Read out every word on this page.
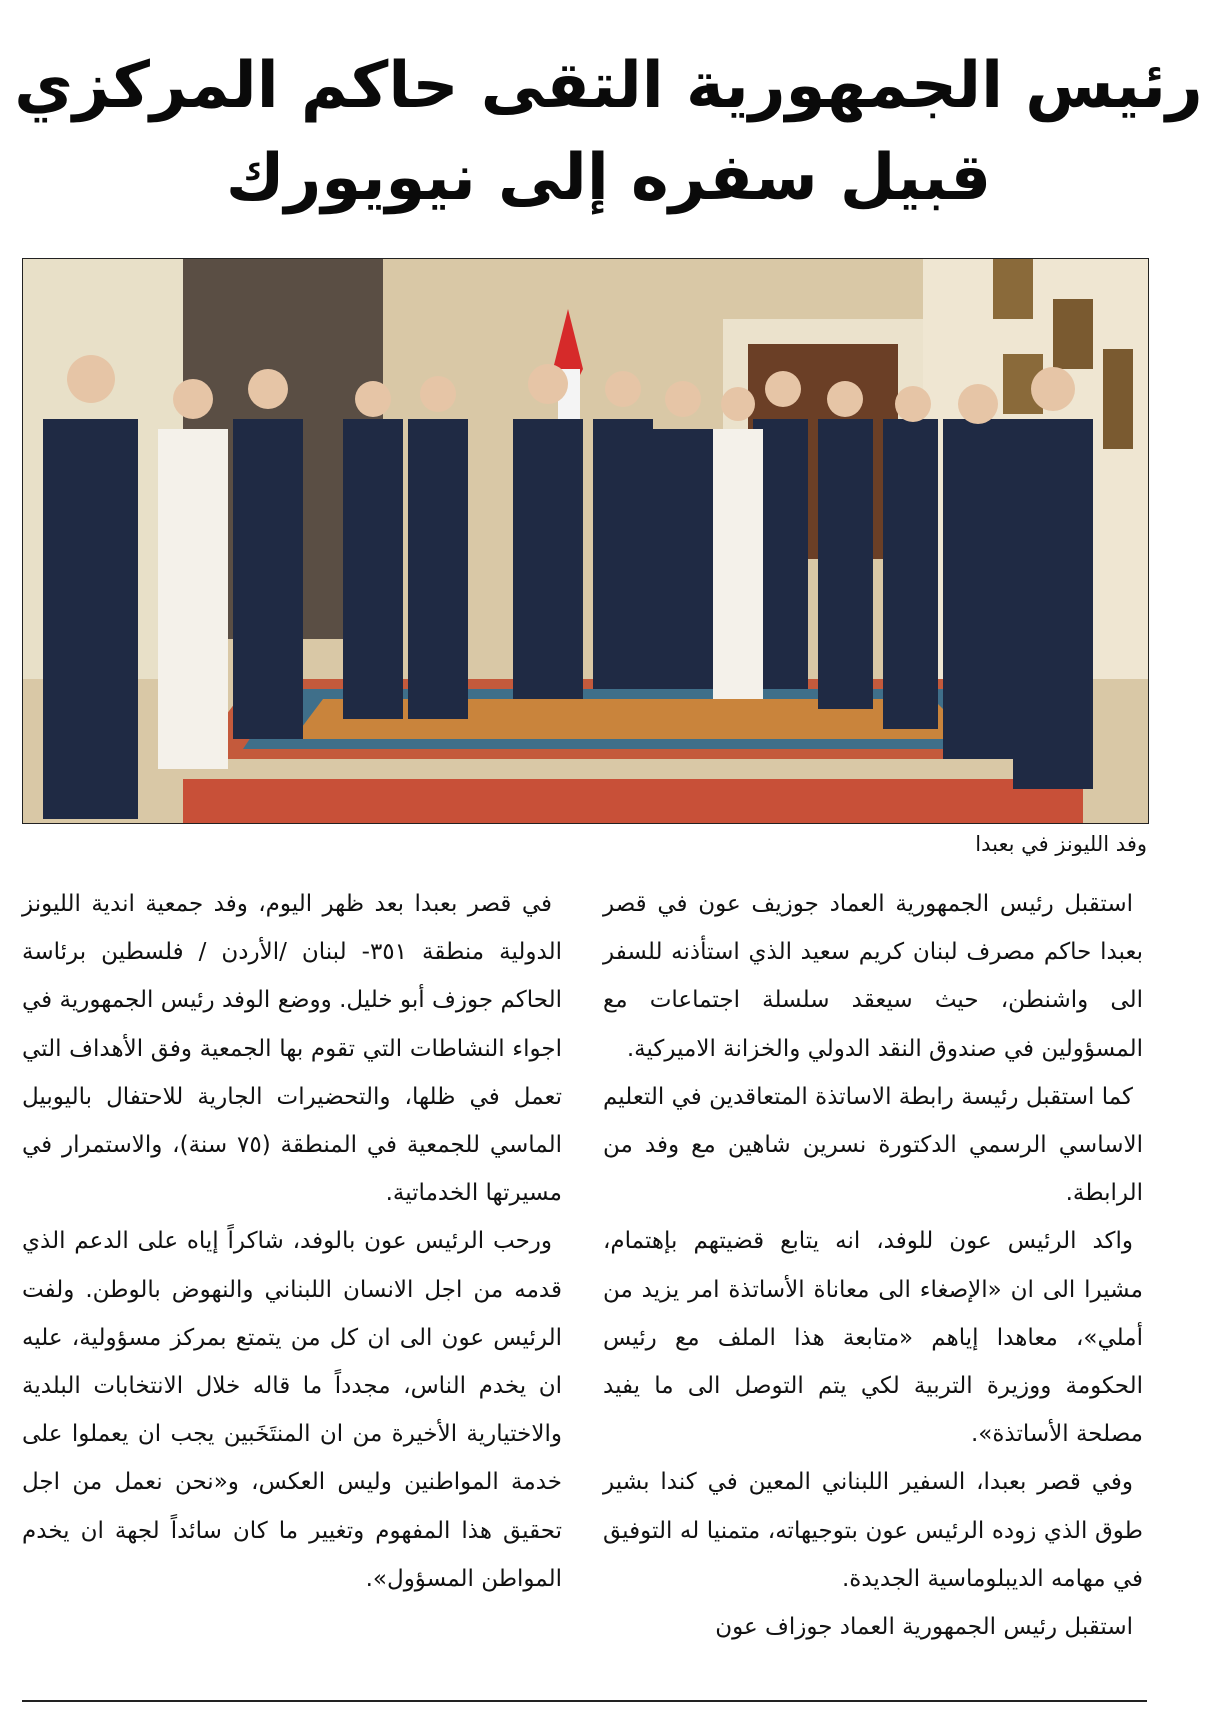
رئيس الجمهورية التقى حاكم المركزي
قبيل سفره إلى نيويورك
وفد الليونز في بعبدا

استقبل رئيس الجمهورية العماد جوزيف عون في قصر بعبدا حاكم مصرف لبنان كريم سعيد الذي استأذنه للسفر الى واشنطن، حيث سيعقد سلسلة اجتماعات مع المسؤولين في صندوق النقد الدولي والخزانة الاميركية.

كما استقبل رئيسة رابطة الاساتذة المتعاقدين في التعليم الاساسي الرسمي الدكتورة نسرين شاهين مع وفد من الرابطة.

واكد الرئيس عون للوفد، انه يتابع قضيتهم بإهتمام، مشيرا الى ان «الإصغاء الى معاناة الأساتذة امر يزيد من أملي»، معاهدا إياهم «متابعة هذا الملف مع رئيس الحكومة ووزيرة التربية لكي يتم التوصل الى ما يفيد مصلحة الأساتذة».

وفي قصر بعبدا، السفير اللبناني المعين في كندا بشير طوق الذي زوده الرئيس عون بتوجيهاته، متمنيا له التوفيق في مهامه الديبلوماسية الجديدة.

استقبل رئيس الجمهورية العماد جوزاف عون

في قصر بعبدا بعد ظهر اليوم، وفد جمعية اندية الليونز الدولية منطقة ٣٥١- لبنان /الأردن / فلسطين برئاسة الحاكم جوزف أبو خليل. ووضع الوفد رئيس الجمهورية في اجواء النشاطات التي تقوم بها الجمعية وفق الأهداف التي تعمل في ظلها، والتحضيرات الجارية للاحتفال باليوبيل الماسي للجمعية في المنطقة (٧٥ سنة)، والاستمرار في مسيرتها الخدماتية.

ورحب الرئيس عون بالوفد، شاكراً إياه على الدعم الذي قدمه من اجل الانسان اللبناني والنهوض بالوطن. ولفت الرئيس عون الى ان كل من يتمتع بمركز مسؤولية، عليه ان يخدم الناس، مجدداً ما قاله خلال الانتخابات البلدية والاختيارية الأخيرة من ان المنتَخَبين يجب ان يعملوا على خدمة المواطنين وليس العكس، و«نحن نعمل من اجل تحقيق هذا المفهوم وتغيير ما كان سائداً لجهة ان يخدم المواطن المسؤول».
